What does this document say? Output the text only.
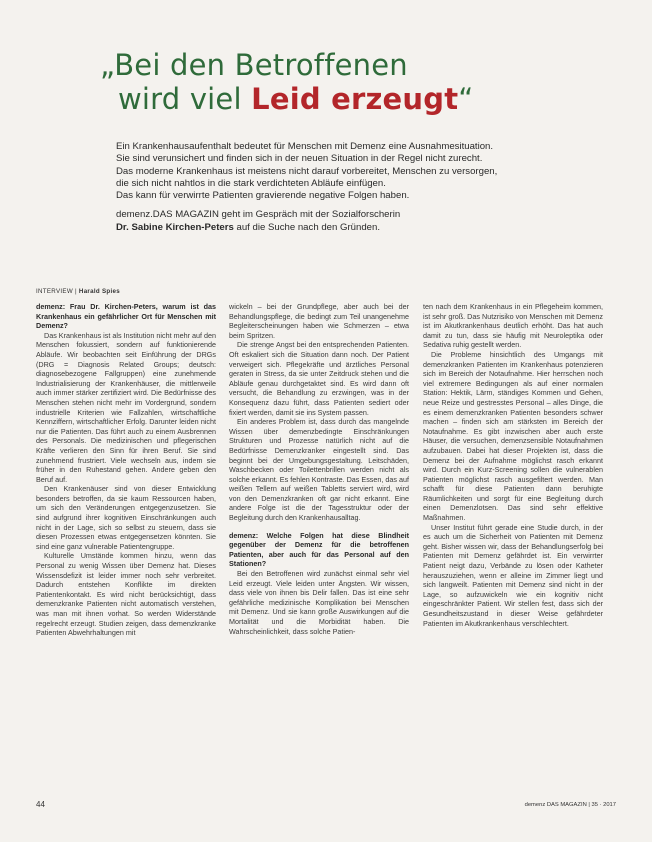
„Bei den Betroffenen
wird viel Leid erzeugt“

Ein Krankenhausaufenthalt bedeutet für Menschen mit Demenz eine Ausnahmesituation.

Sie sind verunsichert und finden sich in der neuen Situation in der Regel nicht zurecht.

Das moderne Krankenhaus ist meistens nicht darauf vorbereitet, Menschen zu versorgen,

die sich nicht nahtlos in die stark verdichteten Abläufe einfügen.

Das kann für verwirrte Patienten gravierende negative Folgen haben.

demenz.DAS MAGAZIN geht im Gespräch mit der Sozialforscherin

Dr. Sabine Kirchen-Peters auf die Suche nach den Gründen.

INTERVIEW | Harald Spies

demenz: Frau Dr. Kirchen-Peters, warum ist das Krankenhaus ein gefährlicher Ort für Menschen mit Demenz?

Das Krankenhaus ist als Institution nicht mehr auf den Menschen fokussiert, sondern auf funktionierende Abläufe. Wir beobachten seit Einführung der DRGs (DRG = Diagnosis Related Groups; deutsch: diagnosebezogene Fallgruppen) eine zunehmende Industrialisierung der Krankenhäuser, die mittlerweile auch immer stärker zertifiziert wird. Die Bedürfnisse des Menschen stehen nicht mehr im Vordergrund, sondern industrielle Kriterien wie Fallzahlen, wirtschaftliche Kennziffern, wirtschaftlicher Erfolg. Darunter leiden nicht nur die Patienten. Das führt auch zu einem Ausbrennen des Personals. Die medizinischen und pflegerischen Kräfte verlieren den Sinn für ihren Beruf. Sie sind zunehmend frustriert. Viele wechseln aus, indem sie früher in den Ruhestand gehen. Andere geben den Beruf auf.

Den Krankenäuser sind von dieser Entwicklung besonders betroffen, da sie kaum Ressourcen haben, um sich den Veränderungen entgegenzusetzen. Sie sind aufgrund ihrer kognitiven Einschränkungen auch nicht in der Lage, sich so selbst zu steuern, dass sie diesen Prozessen etwas entgegensetzen könnten. Sie sind eine ganz vulnerable Patientengruppe.

Kulturelle Umstände kommen hinzu, wenn das Personal zu wenig Wissen über Demenz hat. Dieses Wissensdefizit ist leider immer noch sehr verbreitet. Dadurch entstehen Konflikte im direkten Patientenkontakt. Es wird nicht berücksichtigt, dass demenzkranke Patienten nicht automatisch verstehen, was man mit ihnen vorhat. So werden Widerstände regelrecht erzeugt. Studien zeigen, dass demenzkranke Patienten Abwehrhaltungen mit

wickeln – bei der Grundpflege, aber auch bei der Behandlungspflege, die bedingt zum Teil unangenehme Begleiterscheinungen haben wie Schmerzen – etwa beim Spritzen.

Die strenge Angst bei den entsprechenden Patienten. Oft eskaliert sich die Situation dann noch. Der Patient verweigert sich. Pflegekräfte und ärztliches Personal geraten in Stress, da sie unter Zeitdruck stehen und die Abläufe genau durchgetaktet sind. Es wird dann oft versucht, die Behandlung zu erzwingen, was in der Konsequenz dazu führt, dass Patienten sediert oder fixiert werden, damit sie ins System passen.

Ein anderes Problem ist, dass durch das mangelnde Wissen über demenzbedingte Einschränkungen Strukturen und Prozesse natürlich nicht auf die Bedürfnisse Demenzkranker eingestellt sind. Das beginnt bei der Umgebungsgestaltung. Leitschäden, Waschbecken oder Toilettenbrillen werden nicht als solche erkannt. Es fehlen Kontraste. Das Essen, das auf weißen Tellern auf weißen Tabletts serviert wird, wird von den Demenzkranken oft gar nicht erkannt. Eine andere Folge ist die der Tagesstruktur oder der Begleitung durch den Krankenhausalltag.

demenz: Welche Folgen hat diese Blindheit gegenüber der Demenz für die betroffenen Patienten, aber auch für das Personal auf den Stationen?

Bei den Betroffenen wird zunächst einmal sehr viel Leid erzeugt. Viele leiden unter Ängsten. Wir wissen, dass viele von ihnen bis Delir fallen. Das ist eine sehr gefährliche medizinische Komplikation bei Menschen mit Demenz. Und sie kann große Auswirkungen auf die Mortalität und die Morbidität haben. Die Wahrscheinlichkeit, dass solche Patien-

ten nach dem Krankenhaus in ein Pflegeheim kommen, ist sehr groß. Das Nutzrisiko von Menschen mit Demenz ist im Akutkrankenhaus deutlich erhöht. Das hat auch damit zu tun, dass sie häufig mit Neuroleptika oder Sedativa ruhig gestellt werden.

Die Probleme hinsichtlich des Umgangs mit demenzkranken Patienten im Krankenhaus potenzieren sich im Bereich der Notaufnahme. Hier herrschen noch viel extremere Bedingungen als auf einer normalen Station: Hektik, Lärm, ständiges Kommen und Gehen, neue Reize und gestresstes Personal – alles Dinge, die es einem demenzkranken Patienten besonders schwer machen – finden sich am stärksten im Bereich der Notaufnahme. Es gibt inzwischen aber auch erste Häuser, die versuchen, demenzsensible Notaufnahmen aufzubauen. Dabei hat dieser Projekten ist, dass die Demenz bei der Aufnahme möglichst rasch erkannt wird. Durch ein Kurz-Screening sollen die vulnerablen Patienten möglichst rasch ausgefiltert werden. Man schafft für diese Patienten dann beruhigte Räumlichkeiten und sorgt für eine Begleitung durch einen Demenzlotsen. Das sind sehr effektive Maßnahmen.

Unser Institut führt gerade eine Studie durch, in der es auch um die Sicherheit von Patienten mit Demenz geht. Bisher wissen wir, dass der Behandlungserfolg bei Patienten mit Demenz gefährdet ist. Ein verwirrter Patient neigt dazu, Verbände zu lösen oder Katheter herauszuziehen, wenn er alleine im Zimmer liegt und sich langweilt. Patienten mit Demenz sind nicht in der Lage, so aufzuwickeln wie ein kognitiv nicht eingeschränkter Patient. Wir stellen fest, dass sich der Gesundheitszustand in dieser Weise gefährdeter Patienten im Akutkrankenhaus verschlechtert.

44	demenz DAS MAGAZIN | 35 · 2017
